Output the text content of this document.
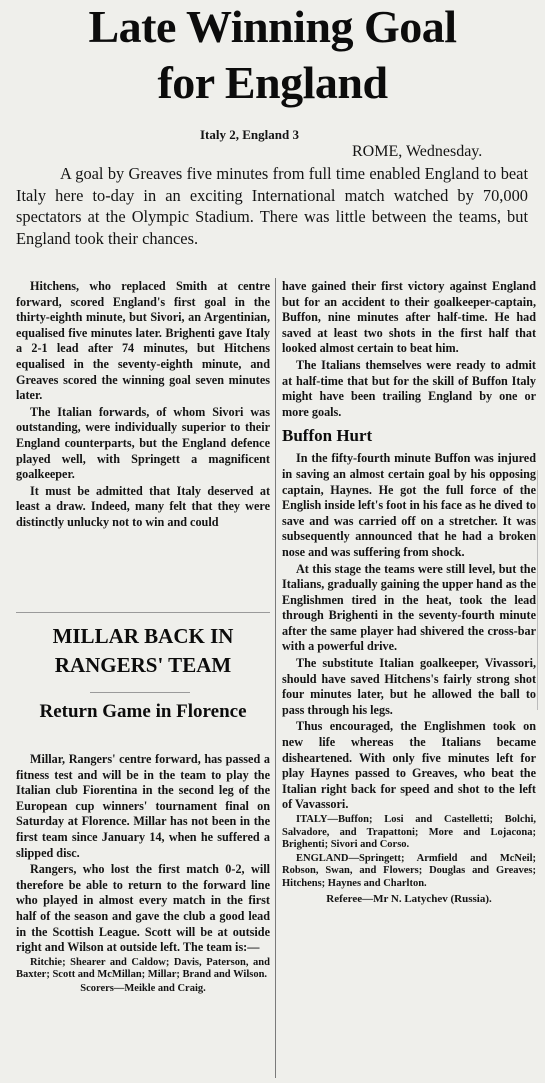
Late Winning Goal
for England
Italy 2, England 3
ROME, Wednesday.

A goal by Greaves five minutes from full time enabled England to beat Italy here to-day in an exciting International match watched by 70,000 spectators at the Olympic Stadium. There was little between the teams, but England took their chances.

Hitchens, who replaced Smith at centre forward, scored England's first goal in the thirty-eighth minute, but Sivori, an Argentinian, equalised five minutes later. Brighenti gave Italy a 2-1 lead after 74 minutes, but Hitchens equalised in the seventy-eighth minute, and Greaves scored the winning goal seven minutes later.

The Italian forwards, of whom Sivori was outstanding, were individually superior to their England counterparts, but the England defence played well, with Springett a magnificent goalkeeper.

It must be admitted that Italy deserved at least a draw. Indeed, many felt that they were distinctly unlucky not to win and could

MILLAR BACK IN RANGERS' TEAM
Return Game in Florence

Millar, Rangers' centre forward, has passed a fitness test and will be in the team to play the Italian club Fiorentina in the second leg of the European cup winners' tournament final on Saturday at Florence. Millar has not been in the first team since January 14, when he suffered a slipped disc.

Rangers, who lost the first match 0-2, will therefore be able to return to the forward line who played in almost every match in the first half of the season and gave the club a good lead in the Scottish League. Scott will be at outside right and Wilson at outside left. The team is:—

Ritchie; Shearer and Caldow; Davis, Paterson, and Baxter; Scott and McMillan; Millar; Brand and Wilson.

Scorers—Meikle and Craig.

have gained their first victory against England but for an accident to their goalkeeper-captain, Buffon, nine minutes after half-time. He had saved at least two shots in the first half that looked almost certain to beat him.

The Italians themselves were ready to admit at half-time that but for the skill of Buffon Italy might have been trailing England by one or more goals.

Buffon Hurt

In the fifty-fourth minute Buffon was injured in saving an almost certain goal by his opposing captain, Haynes. He got the full force of the English inside left's foot in his face as he dived to save and was carried off on a stretcher. It was subsequently announced that he had a broken nose and was suffering from shock.

At this stage the teams were still level, but the Italians, gradually gaining the upper hand as the Englishmen tired in the heat, took the lead through Brighenti in the seventy-fourth minute after the same player had shivered the cross-bar with a powerful drive.

The substitute Italian goalkeeper, Vivassori, should have saved Hitchens's fairly strong shot four minutes later, but he allowed the ball to pass through his legs.

Thus encouraged, the Englishmen took on new life whereas the Italians became disheartened. With only five minutes left for play Haynes passed to Greaves, who beat the Italian right back for speed and shot to the left of Vavassori.

ITALY—Buffon; Losi and Castelletti; Bolchi, Salvadore, and Trapattoni; More and Lojacona; Brighenti; Sivori and Corso.

ENGLAND—Springett; Armfield and McNeil; Robson, Swan, and Flowers; Douglas and Greaves; Hitchens; Haynes and Charlton.

Referee—Mr N. Latychev (Russia).
